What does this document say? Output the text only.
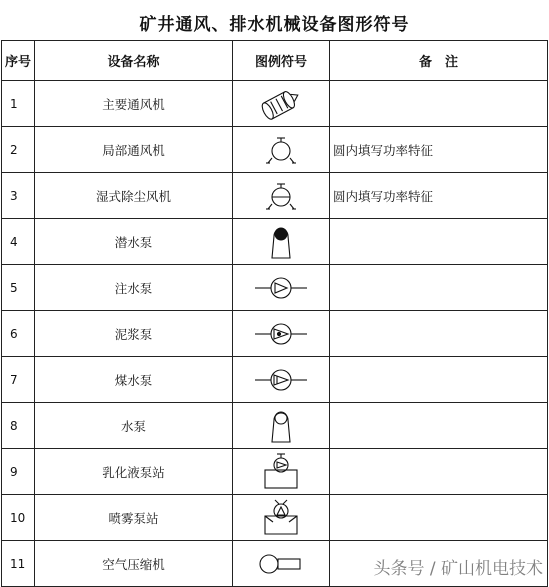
矿井通风、排水机械设备图形符号
序号	设备名称	图例符号	备　注
1	主要通风机	

2	局部通风机		圆内填写功率特征
3	湿式除尘风机		圆内填写功率特征
4	潜水泵	

5	注水泵	

6	泥浆泵	

7	煤水泵	

8	水泵	

9	乳化液泵站	

10	喷雾泵站	

11	空气压缩机	
		头条号 / 矿山机电技术
